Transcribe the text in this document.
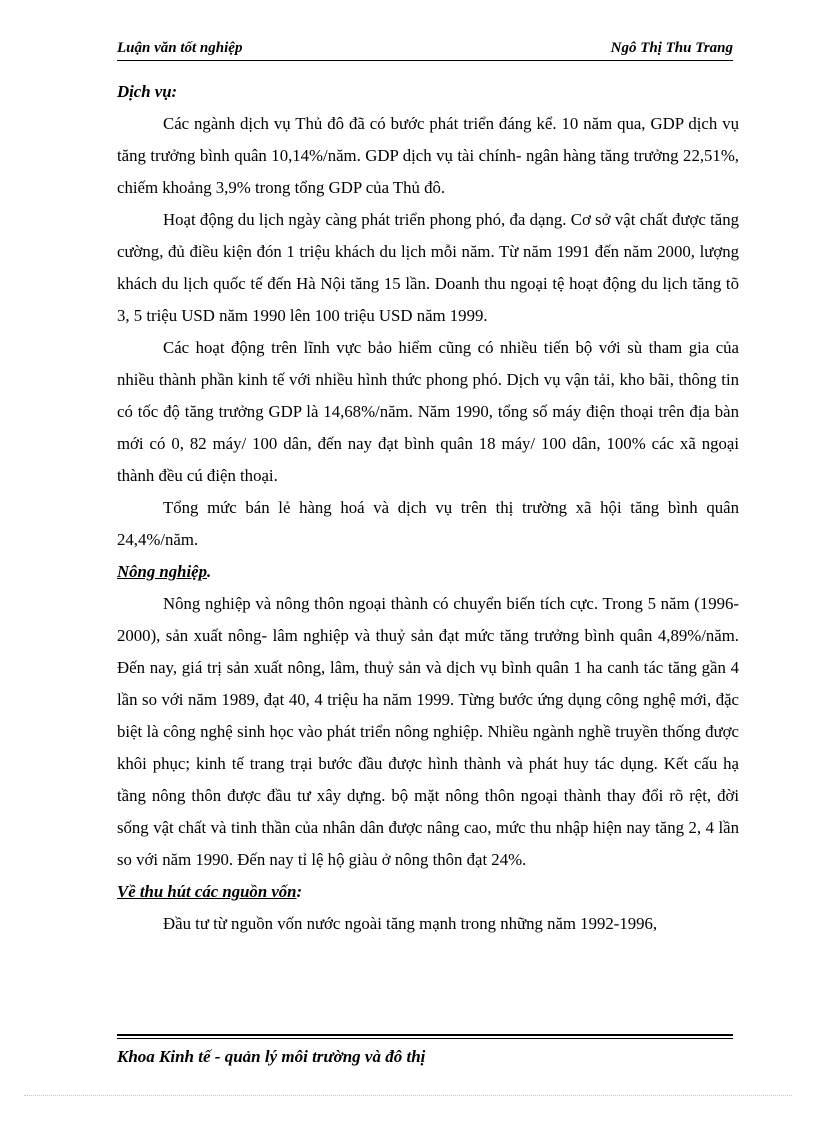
Luận văn tốt nghiệp	Ngô Thị Thu Trang
Dịch vụ:

Các ngành dịch vụ Thủ đô đã có bước phát triển đáng kể. 10 năm qua, GDP dịch vụ tăng trưởng bình quân 10,14%/năm. GDP dịch vụ tài chính- ngân hàng tăng trưởng 22,51%, chiếm khoảng 3,9% trong tổng GDP của Thủ đô.

Hoạt động du lịch ngày càng phát triển phong phó, đa dạng. Cơ sở vật chất được tăng cường, đủ điều kiện đón 1 triệu khách du lịch mỗi năm. Từ năm 1991 đến năm 2000, lượng khách du lịch quốc tế đến Hà Nội tăng 15 lần. Doanh thu ngoại tệ hoạt động du lịch tăng tõ 3, 5 triệu USD năm 1990 lên 100 triệu USD năm 1999.

Các hoạt động trên lĩnh vực bảo hiểm cũng có nhiều tiến bộ với sù tham gia của nhiều thành phần kinh tế với nhiều hình thức phong phó. Dịch vụ vận tải, kho bãi, thông tin có tốc độ tăng trưởng GDP là 14,68%/năm. Năm 1990, tổng số máy điện thoại trên địa bàn mới có 0, 82 máy/ 100 dân, đến nay đạt bình quân 18 máy/ 100 dân, 100% các xã ngoại thành đều cú điện thoại.

Tổng mức bán lẻ hàng hoá và dịch vụ trên thị trường xã hội tăng bình quân 24,4%/năm.

Nông nghiệp.

Nông nghiệp và nông thôn ngoại thành có chuyển biến tích cực. Trong 5 năm (1996-2000), sản xuất nông- lâm nghiệp và thuỷ sản đạt mức tăng trưởng bình quân 4,89%/năm. Đến nay, giá trị sản xuất nông, lâm, thuỷ sản và dịch vụ bình quân 1 ha canh tác tăng gần 4 lần so với năm 1989, đạt 40, 4 triệu ha năm 1999. Từng bước ứng dụng công nghệ mới, đặc biệt là công nghệ sinh học vào phát triển nông nghiệp. Nhiều ngành nghề truyền thống được khôi phục; kinh tế trang trại bước đầu được hình thành và phát huy tác dụng. Kết cấu hạ tầng nông thôn được đầu tư xây dựng. bộ mặt nông thôn ngoại thành thay đổi rõ rệt, đời sống vật chất và tinh thần của nhân dân được nâng cao, mức thu nhập hiện nay tăng 2, 4 lần so với năm 1990. Đến nay tỉ lệ hộ giàu ở nông thôn đạt 24%.

Về thu hút các nguồn vốn:

Đầu tư từ nguồn vốn nước ngoài tăng mạnh trong những năm 1992-1996,

Khoa Kinh tế - quản lý môi trường và đô thị
